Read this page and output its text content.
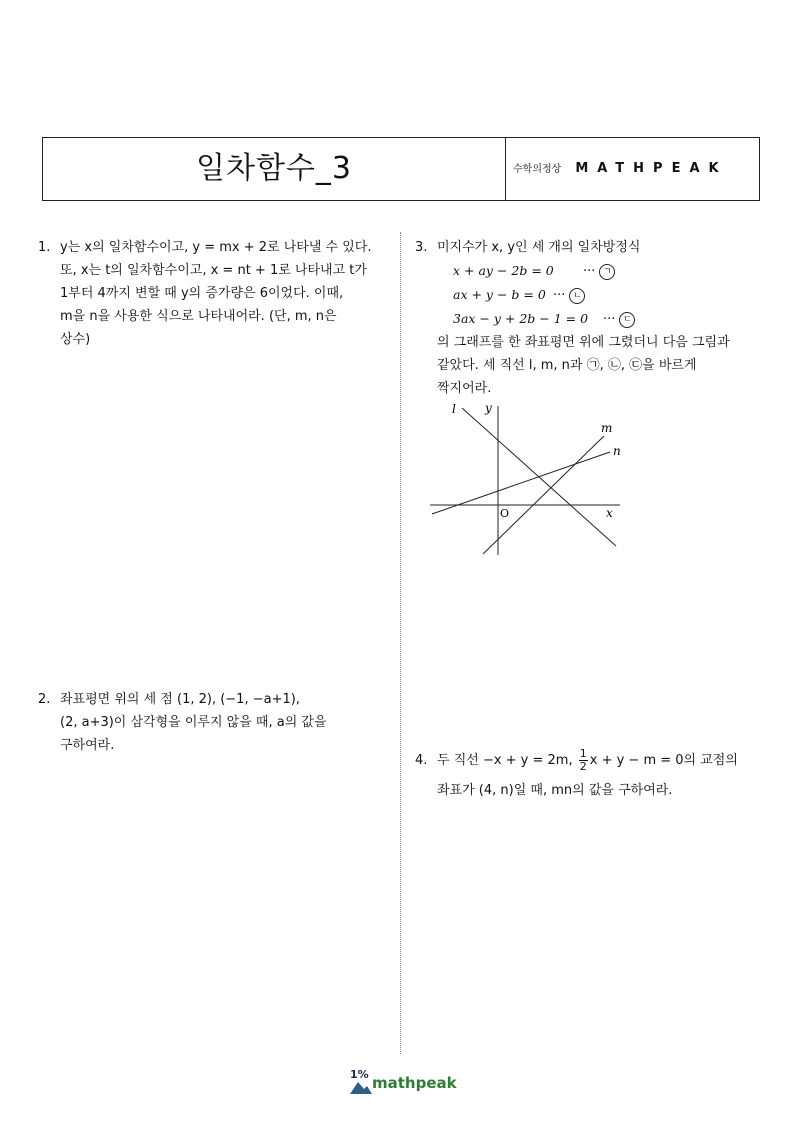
일차함수_3	수학의정상 MATHPEAK
1. y는 x의 일차함수이고, y = mx + 2로 나타낼 수 있다.
또, x는 t의 일차함수이고, x = nt + 1로 나타내고 t가
1부터 4까지 변할 때 y의 증가량은 6이었다. 이때,
m을 n을 사용한 식으로 나타내어라. (단, m, n은
상수)
2. 좌표평면 위의 세 점 (1, 2), (−1, −a+1),
(2, a+3)이 삼각형을 이루지 않을 때, a의 값을
구하여라.
3. 미지수가 x, y인 세 개의 일차방정식
x + ay − 2b = 0 ··· ㄱ
ax + y − b = 0 ··· ㄴ
3ax − y + 2b − 1 = 0 ··· ㄷ
의 그래프를 한 좌표평면 위에 그렸더니 다음 그림과
같았다. 세 직선 l, m, n과 ㉠, ㉡, ㉢을 바르게
짝지어라.
l y
m
n
x
O
4. 두 직선 −x + y = 2m, $\frac{1}{2}$ x + y − m = 0의 교점의
좌표가 (4, n)일 때, mn의 값을 구하여라.
1% mathpeak
